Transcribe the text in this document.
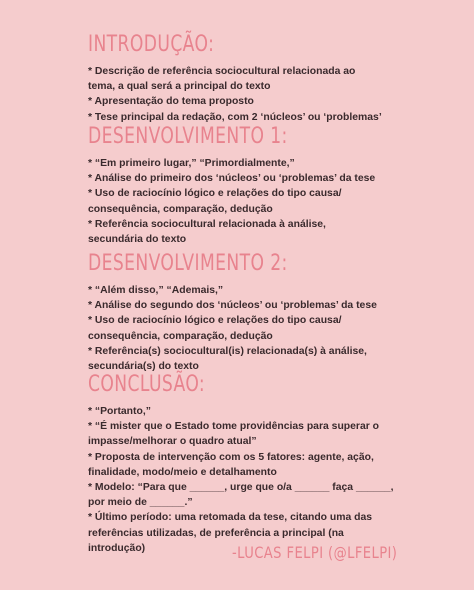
INTRODUÇÃO:
* Descrição de referência sociocultural relacionada ao
tema, a qual será a principal do texto
* Apresentação do tema proposto
* Tese principal da redação, com 2 ‘núcleos’ ou ‘problemas’
DESENVOLVIMENTO 1:
* “Em primeiro lugar,” “Primordialmente,”
* Análise do primeiro dos ‘núcleos’ ou ‘problemas’ da tese
* Uso de raciocínio lógico e relações do tipo causa/
consequência, comparação, dedução
* Referência sociocultural relacionada à análise,
secundária do texto
DESENVOLVIMENTO 2:
* “Além disso,” “Ademais,”
* Análise do segundo dos ‘núcleos’ ou ‘problemas’ da tese
* Uso de raciocínio lógico e relações do tipo causa/
consequência, comparação, dedução
* Referência(s) sociocultural(is) relacionada(s) à análise,
secundária(s) do texto
CONCLUSÃO:
* “Portanto,”
* “É mister que o Estado tome providências para superar o
impasse/melhorar o quadro atual”
* Proposta de intervenção com os 5 fatores: agente, ação,
finalidade, modo/meio e detalhamento
* Modelo: “Para que ______, urge que o/a ______ faça ______,
por meio de ______.”
* Último período: uma retomada da tese, citando uma das
referências utilizadas, de preferência a principal (na
introdução)	-LUCAS FELPI (@LFELPI)
